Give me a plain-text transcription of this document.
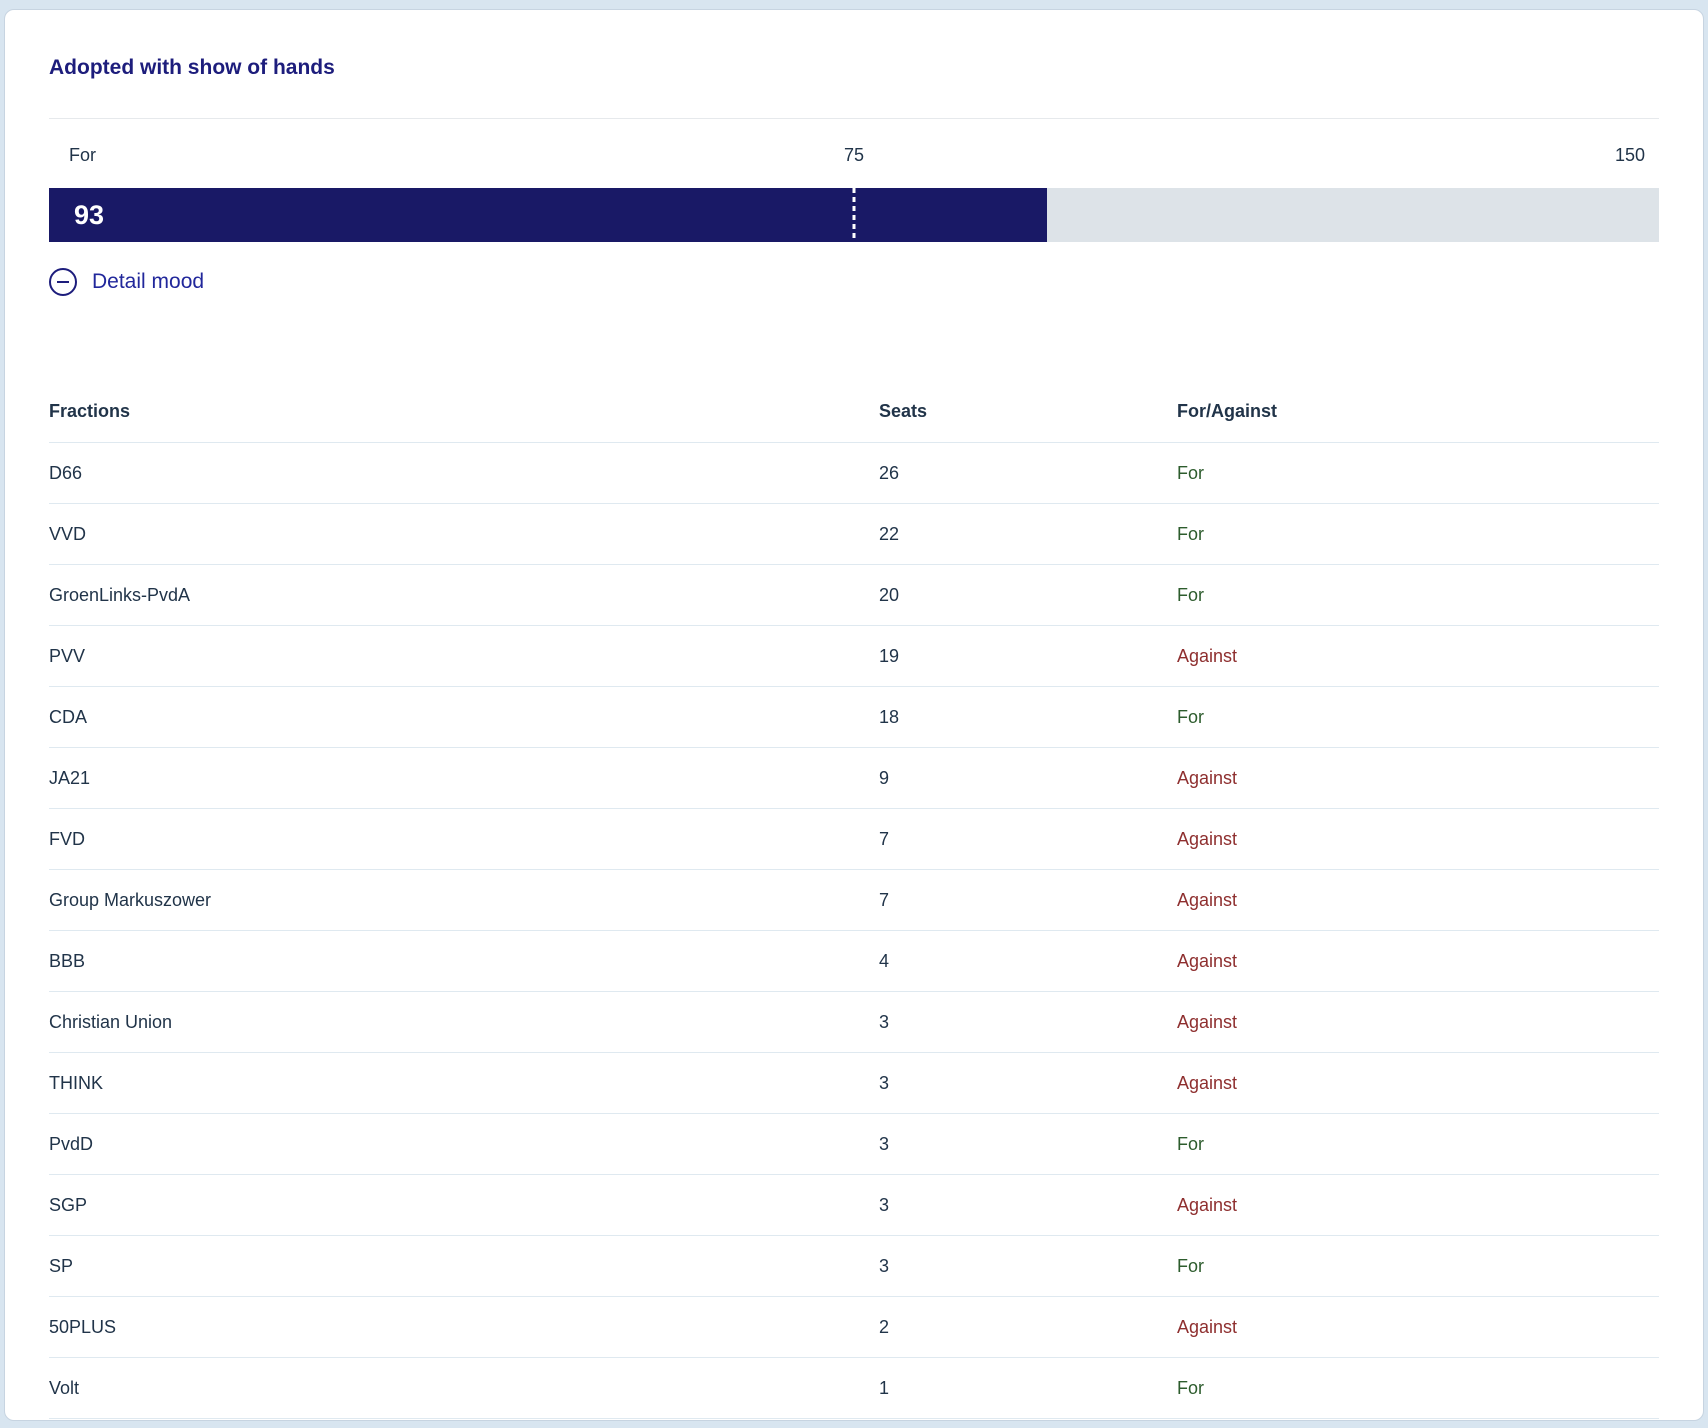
Adopted with show of hands
For	75	150
93
Detail mood
Fractions	Seats	For/Against
D66	26	For
VVD	22	For
GroenLinks-PvdA	20	For
PVV	19	Against
CDA	18	For
JA21	9	Against
FVD	7	Against
Group Markuszower	7	Against
BBB	4	Against
Christian Union	3	Against
THINK	3	Against
PvdD	3	For
SGP	3	Against
SP	3	For
50PLUS	2	Against
Volt	1	For
